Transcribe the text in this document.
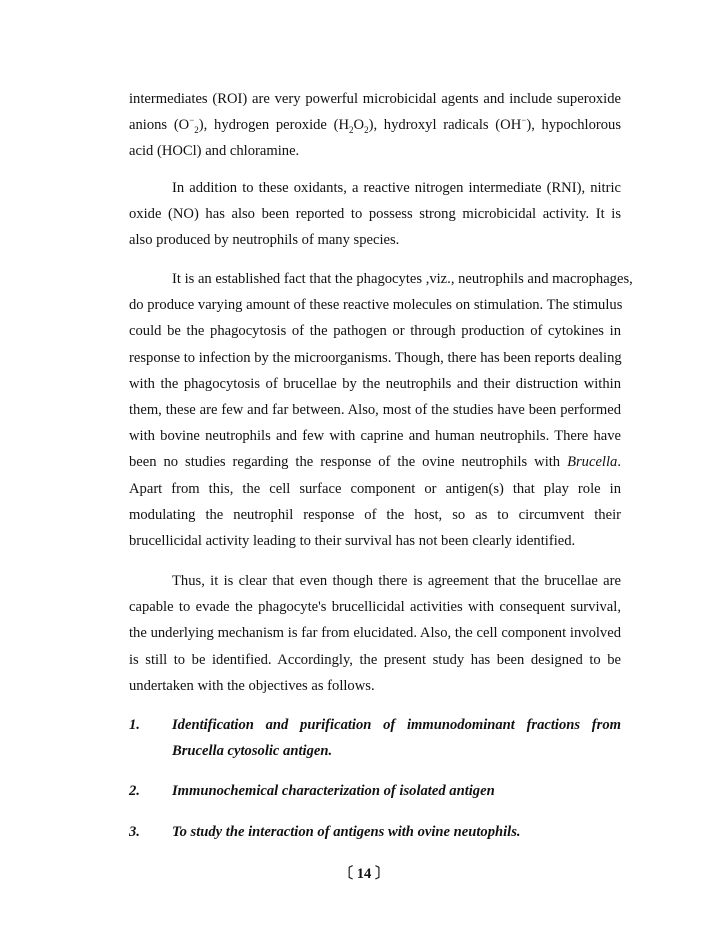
intermediates (ROI) are very powerful microbicidal agents and include superoxide
anions $(O^-_2)$, hydrogen peroxide $(H_2O_2)$, hydroxyl radicals (OH−), hypochlorous
acid (HOCl) and chloramine.
In addition to these oxidants, a reactive nitrogen intermediate (RNI), nitric
oxide (NO) has also been reported to possess strong microbicidal activity. It is
also produced by neutrophils of many species.
It is an established fact that the phagocytes ,viz., neutrophils and macrophages,
do produce varying amount of these reactive molecules on stimulation. The stimulus
could be the phagocytosis of the pathogen or through production of cytokines in
response to infection by the microorganisms. Though, there has been reports dealing
with the phagocytosis of brucellae by the neutrophils and their distruction within
them, these are few and far between. Also, most of the studies have been performed
with bovine neutrophils and few with caprine and human neutrophils. There have
been no studies regarding the response of the ovine neutrophils with Brucella.
Apart from this, the cell surface component or antigen(s) that play role in
modulating the neutrophil response of the host, so as to circumvent their
brucellicidal activity leading to their survival has not been clearly identified.
Thus, it is clear that even though there is agreement that the brucellae are
capable to evade the phagocyte's brucellicidal activities with consequent survival,
the underlying mechanism is far from elucidated. Also, the cell component involved
is still to be identified. Accordingly, the present study has been designed to be
undertaken with the objectives as follows.
1. Identification and purification of immunodominant fractions from
Brucella cytosolic antigen.
2. Immunochemical characterization of isolated antigen
3. To study the interaction of antigens with ovine neutophils.
〔 14 〕
